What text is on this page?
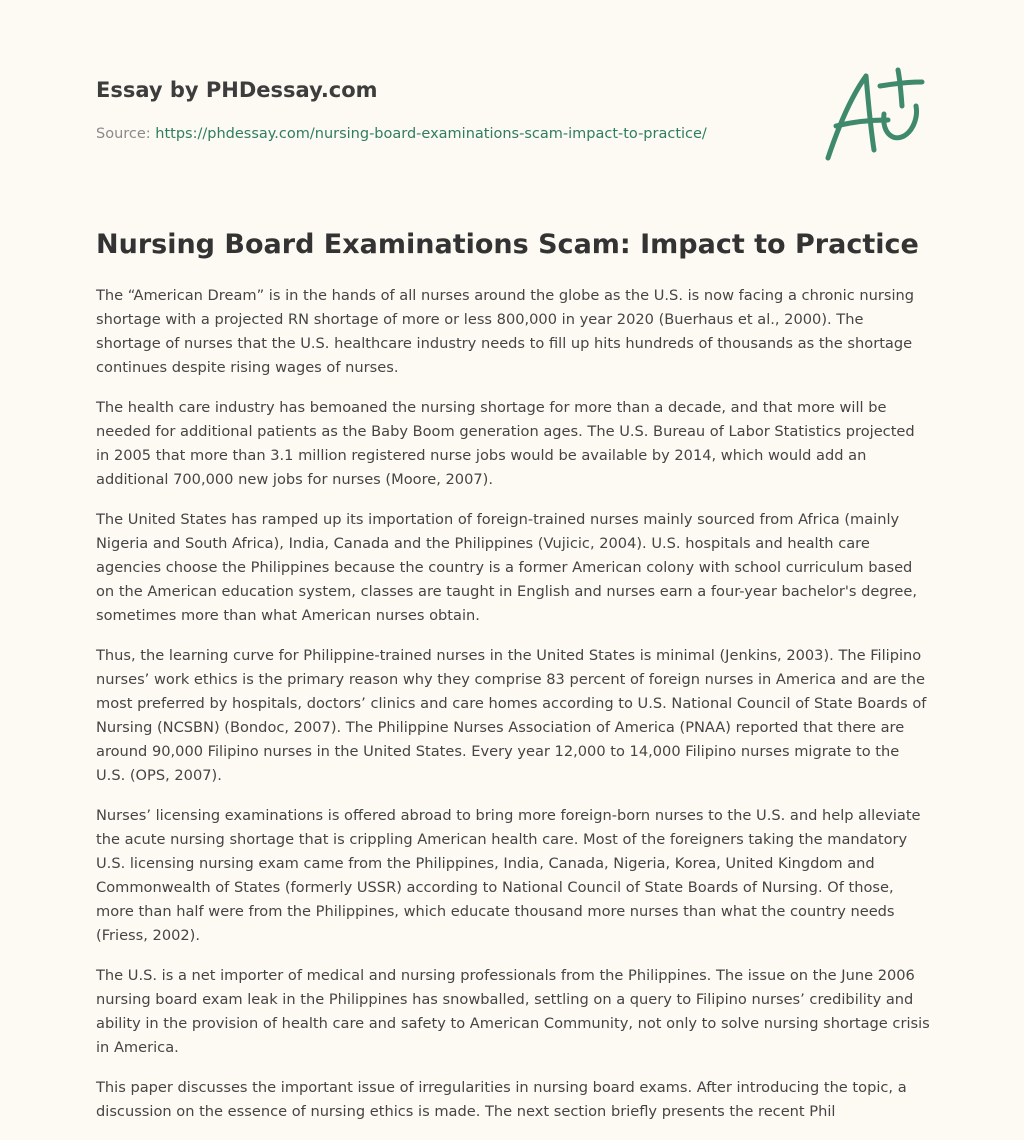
Essay by PHDessay.com
Source: https://phdessay.com/nursing-board-examinations-scam-impact-to-practice/
Nursing Board Examinations Scam: Impact to Practice

The “American Dream” is in the hands of all nurses around the globe as the U.S. is now facing a chronic nursing shortage with a projected RN shortage of more or less 800,000 in year 2020 (Buerhaus et al., 2000). The shortage of nurses that the U.S. healthcare industry needs to fill up hits hundreds of thousands as the shortage continues despite rising wages of nurses.

The health care industry has bemoaned the nursing shortage for more than a decade, and that more will be needed for additional patients as the Baby Boom generation ages. The U.S. Bureau of Labor Statistics projected in 2005 that more than 3.1 million registered nurse jobs would be available by 2014, which would add an additional 700,000 new jobs for nurses (Moore, 2007).

The United States has ramped up its importation of foreign-trained nurses mainly sourced from Africa (mainly Nigeria and South Africa), India, Canada and the Philippines (Vujicic, 2004). U.S. hospitals and health care agencies choose the Philippines because the country is a former American colony with school curriculum based on the American education system, classes are taught in English and nurses earn a four-year bachelor's degree, sometimes more than what American nurses obtain.

Thus, the learning curve for Philippine-trained nurses in the United States is minimal (Jenkins, 2003). The Filipino nurses’ work ethics is the primary reason why they comprise 83 percent of foreign nurses in America and are the most preferred by hospitals, doctors’ clinics and care homes according to U.S. National Council of State Boards of Nursing (NCSBN) (Bondoc, 2007). The Philippine Nurses Association of America (PNAA) reported that there are around 90,000 Filipino nurses in the United States. Every year 12,000 to 14,000 Filipino nurses migrate to the U.S. (OPS, 2007).

Nurses’ licensing examinations is offered abroad to bring more foreign-born nurses to the U.S. and help alleviate the acute nursing shortage that is crippling American health care. Most of the foreigners taking the mandatory U.S. licensing nursing exam came from the Philippines, India, Canada, Nigeria, Korea, United Kingdom and Commonwealth of States (formerly USSR) according to National Council of State Boards of Nursing. Of those, more than half were from the Philippines, which educate thousand more nurses than what the country needs (Friess, 2002).

The U.S. is a net importer of medical and nursing professionals from the Philippines. The issue on the June 2006 nursing board exam leak in the Philippines has snowballed, settling on a query to Filipino nurses’ credibility and ability in the provision of health care and safety to American Community, not only to solve nursing shortage crisis in America.

This paper discusses the important issue of irregularities in nursing board exams. After introducing the topic, a discussion on the essence of nursing ethics is made. The next section briefly presents the recent Phil
